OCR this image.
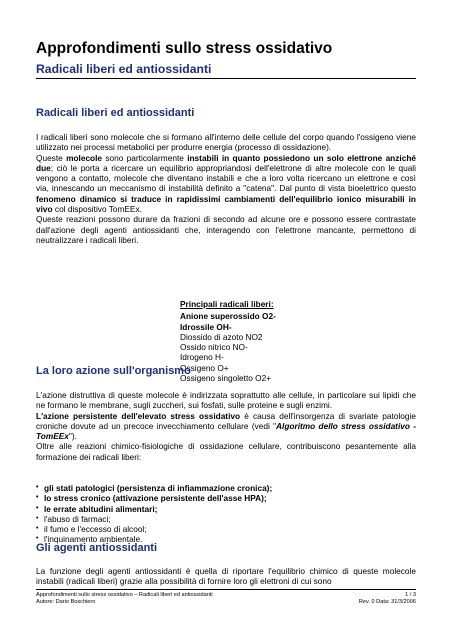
Approfondimenti sullo stress ossidativo
Radicali liberi ed antiossidanti
Radicali liberi ed antiossidanti
I radicali liberi sono molecole che si formano all'interno delle cellule del corpo quando l'ossigeno viene utilizzato nei processi metabolici per produrre energia (processo di ossidazione).
Queste molecole sono particolarmente instabili in quanto possiedono un solo elettrone anziché due; ciò le porta a ricercare un equilibrio appropriandosi dell'elettrone di altre molecole con le quali vengono a contatto, molecole che diventano instabili e che a loro volta ricercano un elettrone e così via, innescando un meccanismo di instabilità definito a "catena". Dal punto di vista bioelettrico questo fenomeno dinamico si traduce in rapidissimi cambiamenti dell'equilibrio ionico misurabili in vivo col dispositivo TomEEx.
Queste reazioni possono durare da frazioni di secondo ad alcune ore e possono essere contrastate dall'azione degli agenti antiossidanti che, interagendo con l'elettrone mancante, permettono di neutralizzare i radicali liberi.
Principali radicali liberi:
Anione superossido O2-
Idrossile OH-
Diossido di azoto NO2
Ossido nitrico NO-
Idrogeno H-
Ossigeno O+
Ossigeno singoletto O2+
La loro azione sull'organismo
L'azione distruttiva di queste molecole è indirizzata soprattutto alle cellule, in particolare sui lipidi che ne formano le membrane, sugli zuccheri, sui fosfati, sulle proteine e sugli enzimi.
L'azione persistente dell'elevato stress ossidativo è causa dell'insorgenza di svariate patologie croniche dovute ad un precoce invecchiamento cellulare (vedi "Algoritmo dello stress ossidativo - TomEEx").
Oltre alle reazioni chimico-fisiologiche di ossidazione cellulare, contribuiscono pesantemente alla formazione dei radicali liberi:
• gli stati patologici (persistenza di infiammazione cronica);
• lo stress cronico (attivazione persistente dell'asse HPA);
• le errate abitudini alimentari;
• l'abuso di farmaci;
• il fumo e l'eccesso di alcool;
• l'inquinamento ambientale.
Gli agenti antiossidanti
La funzione degli agenti antiossidanti è quella di riportare l'equilibrio chimico di queste molecole instabili (radicali liberi) grazie alla possibilità di fornire loro gli elettroni di cui sono
Approfondimenti sullo stress ossidativo – Radicali liberi ed antiossidanti	1 / 3
Autore: Dario Boschiero	Rev. 0 Data: 31/3/2006
